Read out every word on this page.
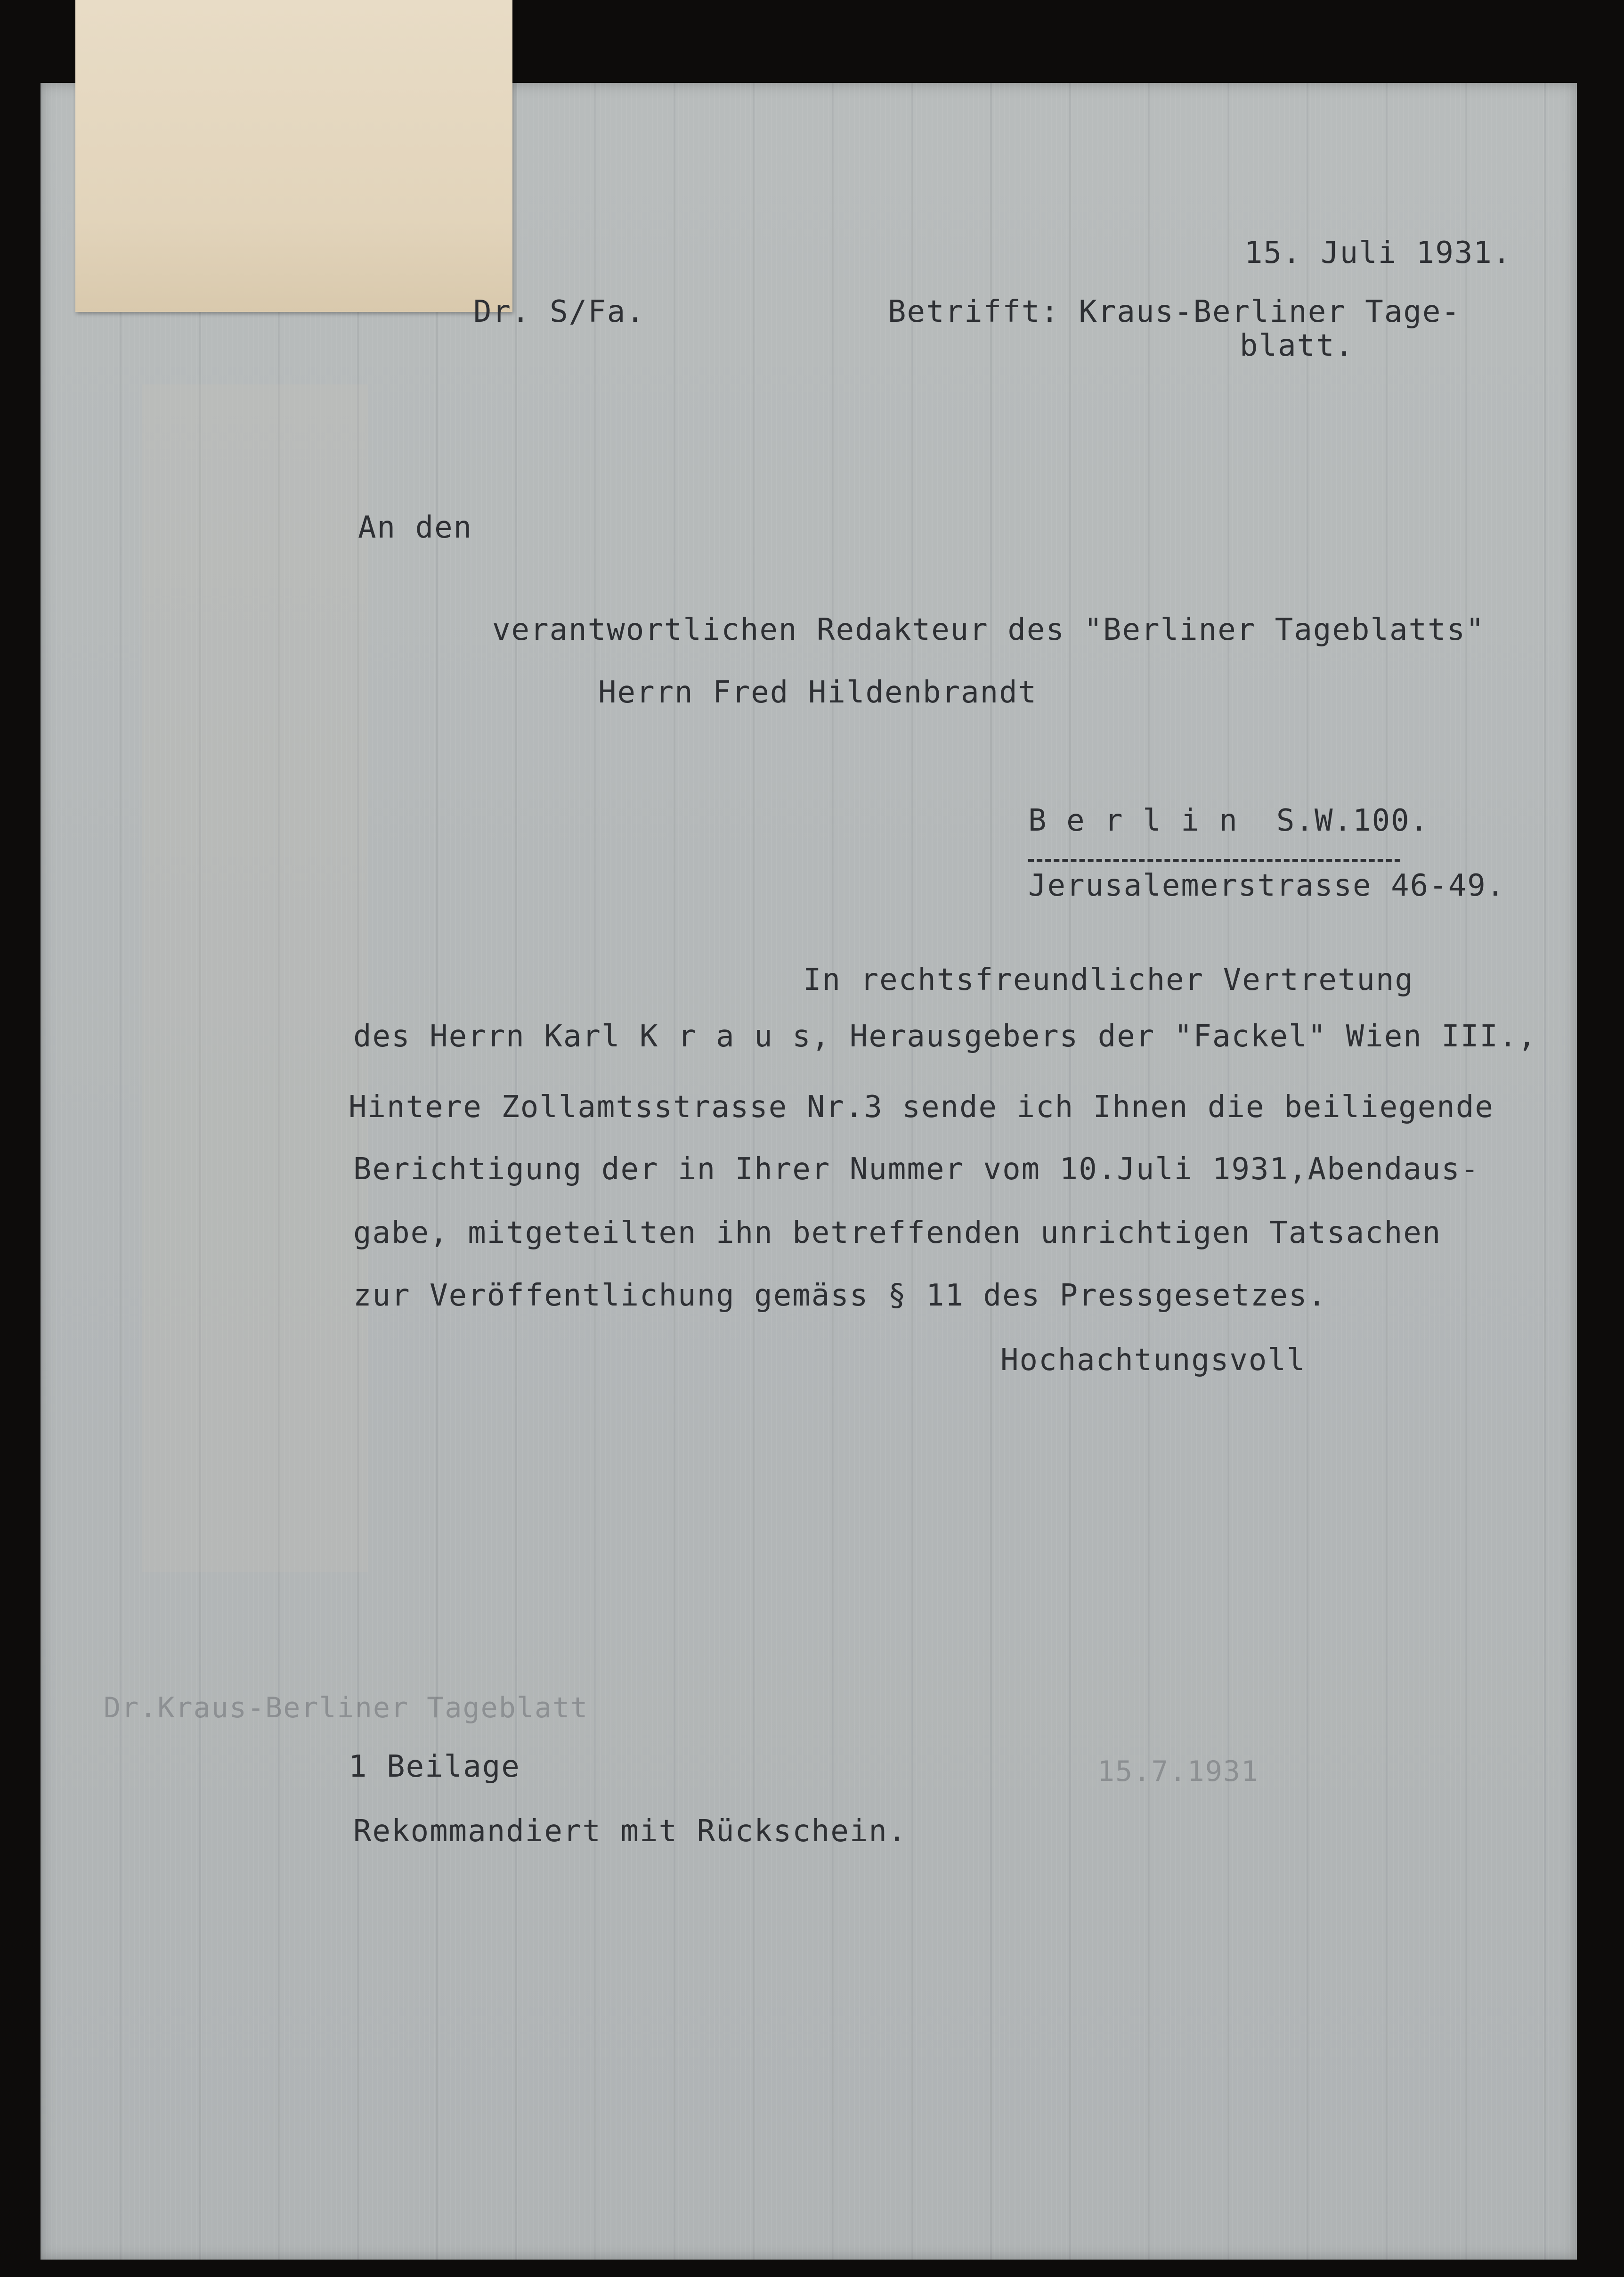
15. Juli 1931.
Dr. S/Fa.	Betrifft: Kraus-Berliner Tage-
blatt.
An den
verantwortlichen Redakteur des "Berliner Tageblatts"
Herrn Fred Hildenbrandt
B e r l i n  S.W.100.
Jerusalemerstrasse 46-49.
In rechtsfreundlicher Vertretung
des Herrn Karl K r a u s, Herausgebers der "Fackel" Wien III.,
Hintere Zollamtsstrasse Nr.3 sende ich Ihnen die beiliegende
Berichtigung der in Ihrer Nummer vom 10.Juli 1931,Abendaus-
gabe, mitgeteilten ihn betreffenden unrichtigen Tatsachen
zur Veröffentlichung gemäss § 11 des Pressgesetzes.
Hochachtungsvoll
Dr.Kraus-Berliner Tageblatt
15.7.1931
1 Beilage
Rekommandiert mit Rückschein.
